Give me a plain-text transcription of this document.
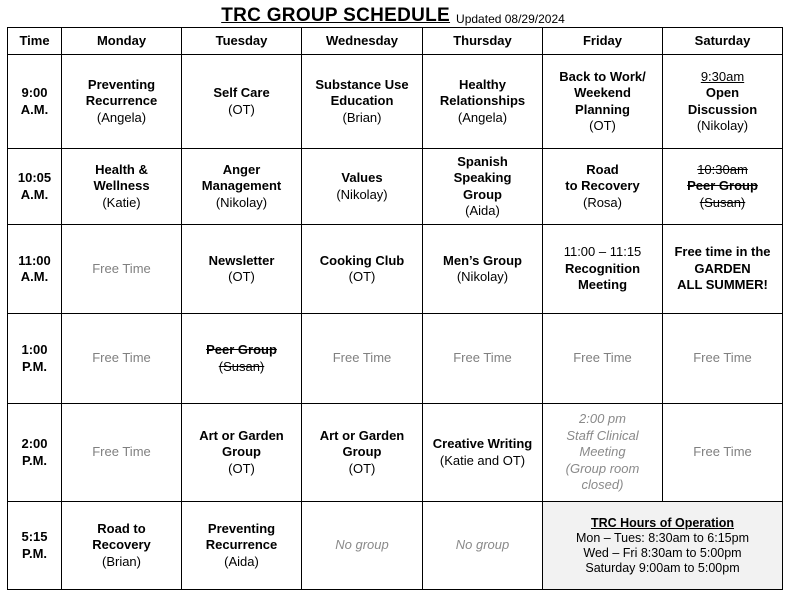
TRC GROUP SCHEDULE Updated 08/29/2024
Time	Monday	Tuesday	Wednesday	Thursday	Friday	Saturday

9:00
A.M.	Preventing
Recurrence
(Angela)	Self Care
(OT)	Substance Use
Education
(Brian)	Healthy
Relationships
(Angela)	Back to Work/
Weekend
Planning
(OT)	9:30am
Open
Discussion
(Nikolay)

10:05
A.M.	Health &
Wellness
(Katie)	Anger
Management
(Nikolay)	Values
(Nikolay)	Spanish
Speaking
Group
(Aida)	Road
to Recovery
(Rosa)	10:30am
Peer Group
(Susan)

11:00
A.M.	Free Time	Newsletter
(OT)	Cooking Club
(OT)	Men’s Group
(Nikolay)	11:00 – 11:15
Recognition
Meeting	Free time in the
GARDEN
ALL SUMMER!

1:00
P.M.	Free Time	Peer Group
(Susan)	Free Time	Free Time	Free Time	Free Time

2:00
P.M.	Free Time	Art or Garden
Group
(OT)	Art or Garden
Group
(OT)	Creative Writing
(Katie and OT)	2:00 pm
Staff Clinical
Meeting
(Group room
closed)	Free Time

5:15
P.M.	Road to
Recovery
(Brian)	Preventing
Recurrence
(Aida)	No group	No group	TRC Hours of Operation
Mon – Tues: 8:30am to 6:15pm
Wed – Fri 8:30am to 5:00pm
Saturday 9:00am to 5:00pm	
